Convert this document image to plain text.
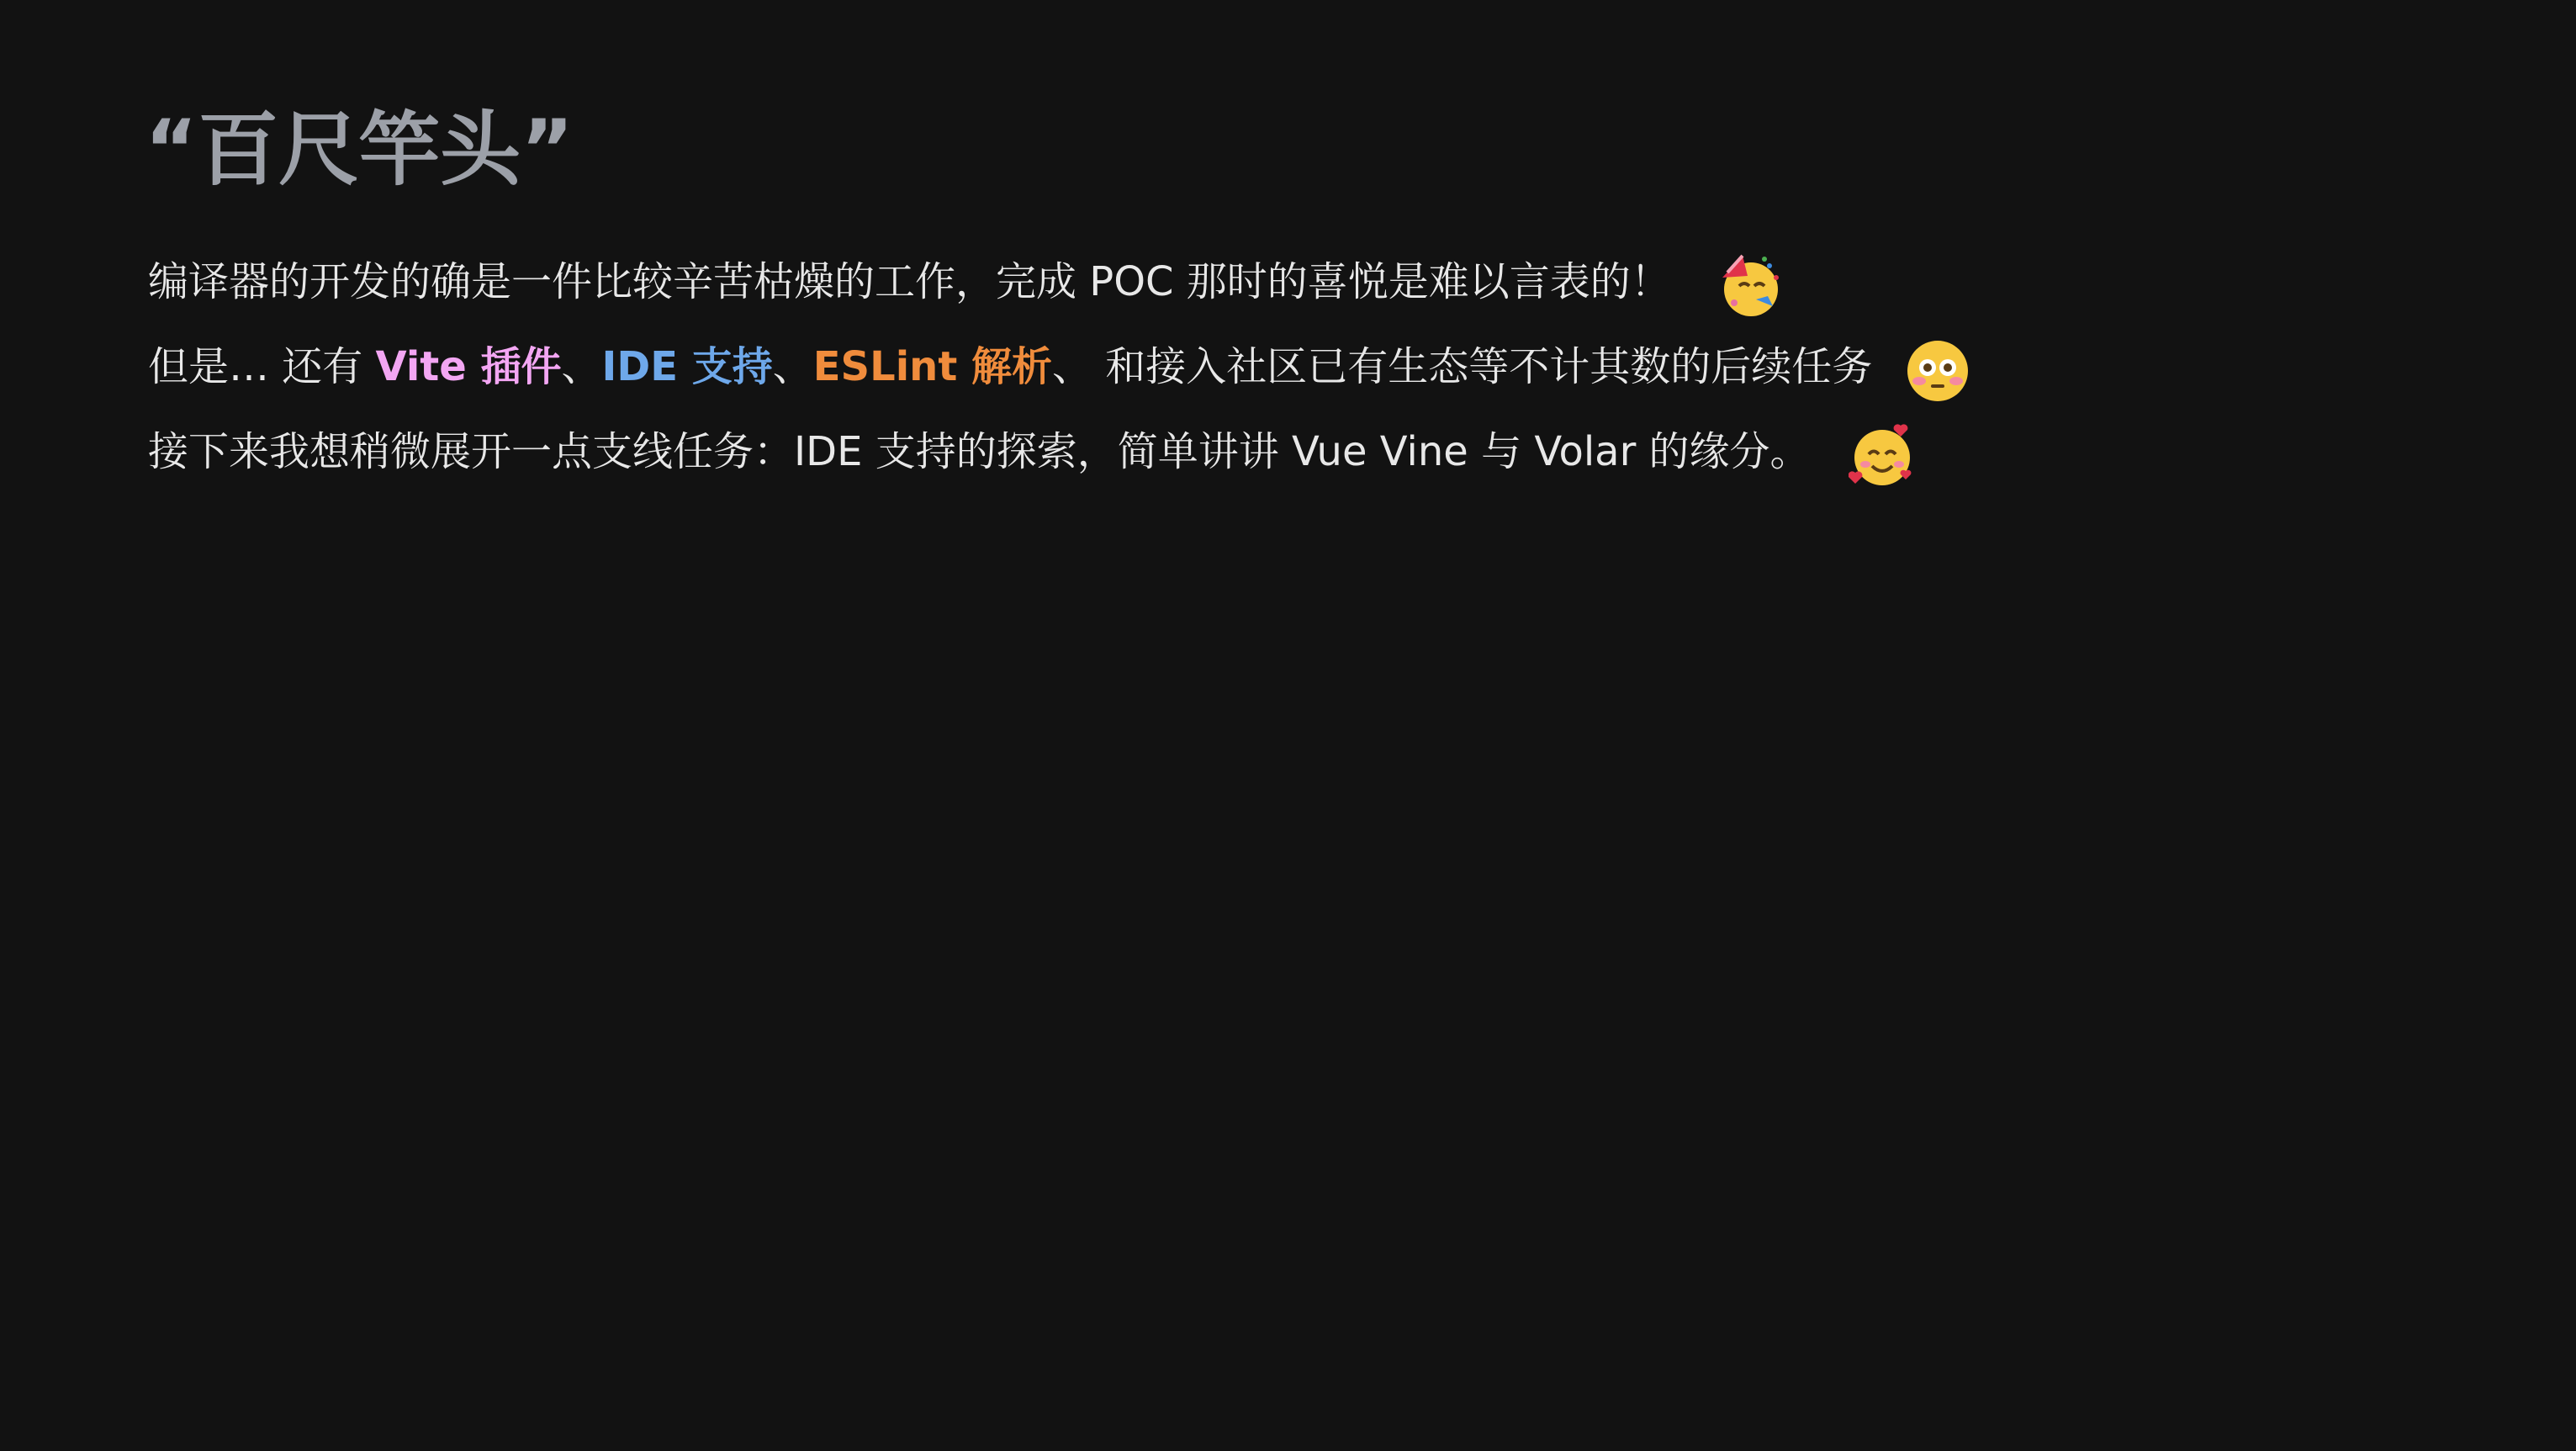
“百尺竿头”
编译器的开发的确是一件比较辛苦枯燥的工作，完成 POC 那时的喜悦是难以言表的！
但是… 还有 Vite 插件、IDE 支持、ESLint 解析、 和接入社区已有生态等不计其数的后续任务
接下来我想稍微展开一点支线任务：IDE 支持的探索，简单讲讲 Vue Vine 与 Volar 的缘分。
